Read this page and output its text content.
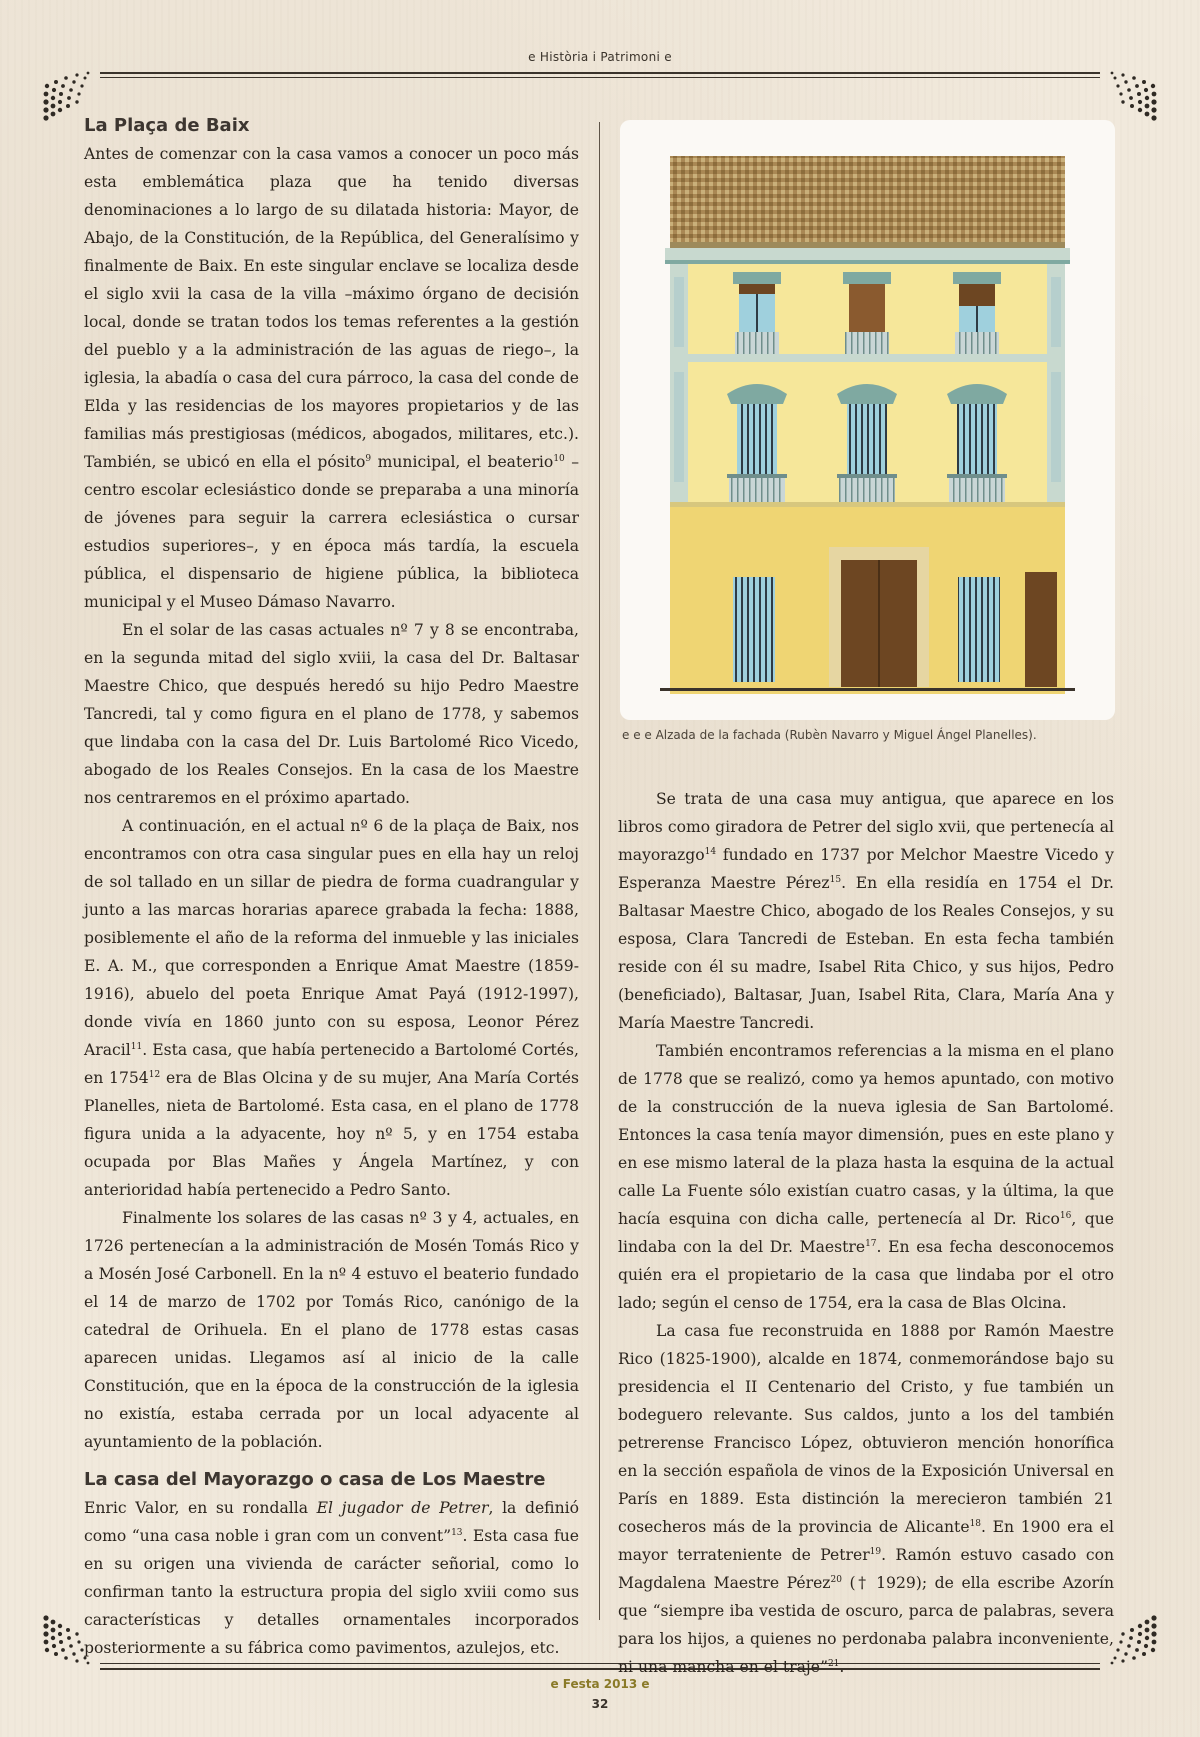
e Història i Patrimoni e
La Plaça de Baix

Antes de comenzar con la casa vamos a conocer un poco más esta emblemática plaza que ha tenido diversas denominaciones a lo largo de su dilatada historia: Mayor, de Abajo, de la Constitución, de la República, del Generalísimo y finalmente de Baix. En este singular enclave se localiza desde el siglo xvii la casa de la villa –máximo órgano de decisión local, donde se tratan todos los temas referentes a la gestión del pueblo y a la administración de las aguas de riego–, la iglesia, la abadía o casa del cura párroco, la casa del conde de Elda y las residencias de los mayores propietarios y de las familias más prestigiosas (médicos, abogados, militares, etc.). También, se ubicó en ella el pósito$^9$ municipal, el beaterio$^{10}$ –centro escolar eclesiástico donde se preparaba a una minoría de jóvenes para seguir la carrera eclesiástica o cursar estudios superiores–, y en época más tardía, la escuela pública, el dispensario de higiene pública, la biblioteca municipal y el Museo Dámaso Navarro.

En el solar de las casas actuales nº 7 y 8 se encontraba, en la segunda mitad del siglo xviii, la casa del Dr. Baltasar Maestre Chico, que después heredó su hijo Pedro Maestre Tancredi, tal y como figura en el plano de 1778, y sabemos que lindaba con la casa del Dr. Luis Bartolomé Rico Vicedo, abogado de los Reales Consejos. En la casa de los Maestre nos centraremos en el próximo apartado.

A continuación, en el actual nº 6 de la plaça de Baix, nos encontramos con otra casa singular pues en ella hay un reloj de sol tallado en un sillar de piedra de forma cuadrangular y junto a las marcas horarias aparece grabada la fecha: 1888, posiblemente el año de la reforma del inmueble y las iniciales E. A. M., que corresponden a Enrique Amat Maestre (1859-1916), abuelo del poeta Enrique Amat Payá (1912-1997), donde vivía en 1860 junto con su esposa, Leonor Pérez Aracil$^{11}$. Esta casa, que había pertenecido a Bartolomé Cortés, en 1754$^{12}$ era de Blas Olcina y de su mujer, Ana María Cortés Planelles, nieta de Bartolomé. Esta casa, en el plano de 1778 figura unida a la adyacente, hoy nº 5, y en 1754 estaba ocupada por Blas Mañes y Ángela Martínez, y con anterioridad había pertenecido a Pedro Santo.

Finalmente los solares de las casas nº 3 y 4, actuales, en 1726 pertenecían a la administración de Mosén Tomás Rico y a Mosén José Carbonell. En la nº 4 estuvo el beaterio fundado el 14 de marzo de 1702 por Tomás Rico, canónigo de la catedral de Orihuela. En el plano de 1778 estas casas aparecen unidas. Llegamos así al inicio de la calle Constitución, que en la época de la construcción de la iglesia no existía, estaba cerrada por un local adyacente al ayuntamiento de la población.

La casa del Mayorazgo o casa de Los Maestre

Enric Valor, en su rondalla El jugador de Petrer, la definió como “una casa noble i gran com un convent”$^{13}$. Esta casa fue en su origen una vivienda de carácter señorial, como lo confirman tanto la estructura propia del siglo xviii como sus características y detalles ornamentales incorporados posteriormente a su fábrica como pavimentos, azulejos, etc.

e e e Alzada de la fachada (Rubèn Navarro y Miguel Ángel Planelles).

Se trata de una casa muy antigua, que aparece en los libros como giradora de Petrer del siglo xvii, que pertenecía al mayorazgo$^{14}$ fundado en 1737 por Melchor Maestre Vicedo y Esperanza Maestre Pérez$^{15}$. En ella residía en 1754 el Dr. Baltasar Maestre Chico, abogado de los Reales Consejos, y su esposa, Clara Tancredi de Esteban. En esta fecha también reside con él su madre, Isabel Rita Chico, y sus hijos, Pedro (beneficiado), Baltasar, Juan, Isabel Rita, Clara, María Ana y María Maestre Tancredi.

También encontramos referencias a la misma en el plano de 1778 que se realizó, como ya hemos apuntado, con motivo de la construcción de la nueva iglesia de San Bartolomé. Entonces la casa tenía mayor dimensión, pues en este plano y en ese mismo lateral de la plaza hasta la esquina de la actual calle La Fuente sólo existían cuatro casas, y la última, la que hacía esquina con dicha calle, pertenecía al Dr. Rico$^{16}$, que lindaba con la del Dr. Maestre$^{17}$. En esa fecha desconocemos quién era el propietario de la casa que lindaba por el otro lado; según el censo de 1754, era la casa de Blas Olcina.

La casa fue reconstruida en 1888 por Ramón Maestre Rico (1825-1900), alcalde en 1874, conmemorándose bajo su presidencia el II Centenario del Cristo, y fue también un bodeguero relevante. Sus caldos, junto a los del también petrerense Francisco López, obtuvieron mención honorífica en la sección española de vinos de la Exposición Universal en París en 1889. Esta distinción la merecieron también 21 cosecheros más de la provincia de Alicante$^{18}$. En 1900 era el mayor terrateniente de Petrer$^{19}$. Ramón estuvo casado con Magdalena Maestre Pérez$^{20}$ († 1929); de ella escribe Azorín que “siempre iba vestida de oscuro, parca de palabras, severa para los hijos, a quienes no perdonaba palabra inconveniente, ni una mancha en el traje”$^{21}$.

e Festa 2013 e
32
